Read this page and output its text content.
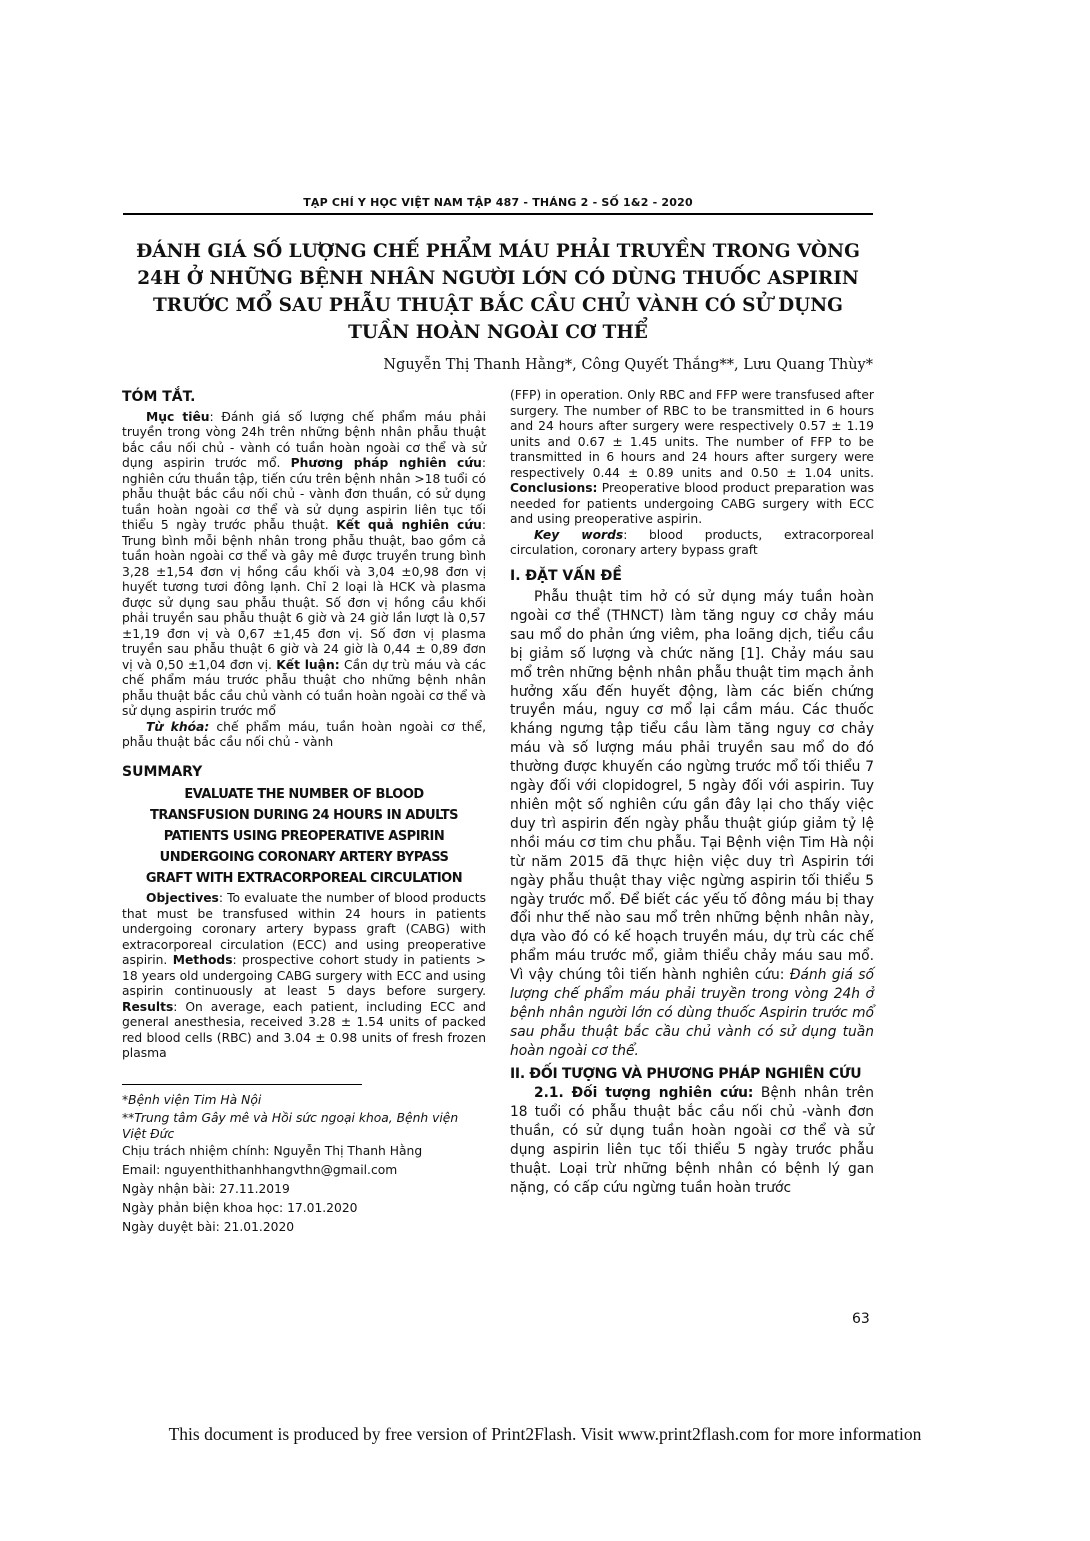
TẠP CHÍ Y HỌC VIỆT NAM TẬP 487 - THÁNG 2 - SỐ 1&2 - 2020
ĐÁNH GIÁ SỐ LƯỢNG CHẾ PHẨM MÁU PHẢI TRUYỀN TRONG VÒNG
24H Ở NHỮNG BỆNH NHÂN NGƯỜI LỚN CÓ DÙNG THUỐC ASPIRIN
TRƯỚC MỔ SAU PHẪU THUẬT BẮC CẦU CHỦ VÀNH CÓ SỬ DỤNG
TUẦN HOÀN NGOÀI CƠ THỂ
Nguyễn Thị Thanh Hằng*, Công Quyết Thắng**, Lưu Quang Thùy*
TÓM TẮT.

Mục tiêu: Đánh giá số lượng chế phẩm máu phải truyền trong vòng 24h trên những bệnh nhân phẫu thuật bắc cầu nối chủ - vành có tuần hoàn ngoài cơ thể và sử dụng aspirin trước mổ. Phương pháp nghiên cứu: nghiên cứu thuần tập, tiến cứu trên bệnh nhân >18 tuổi có phẫu thuật bắc cầu nối chủ - vành đơn thuần, có sử dụng tuần hoàn ngoài cơ thể và sử dụng aspirin liên tục tối thiểu 5 ngày trước phẫu thuật. Kết quả nghiên cứu: Trung bình mỗi bệnh nhân trong phẫu thuật, bao gồm cả tuần hoàn ngoài cơ thể và gây mê được truyền trung bình 3,28 ±1,54 đơn vị hồng cầu khối và 3,04 ±0,98 đơn vị huyết tương tươi đông lạnh. Chỉ 2 loại là HCK và plasma được sử dụng sau phẫu thuật. Số đơn vị hồng cầu khối phải truyền sau phẫu thuật 6 giờ và 24 giờ lần lượt là 0,57 ±1,19 đơn vị và 0,67 ±1,45 đơn vị. Số đơn vị plasma truyền sau phẫu thuật 6 giờ và 24 giờ là 0,44 ± 0,89 đơn vị và 0,50 ±1,04 đơn vị. Kết luận: Cần dự trù máu và các chế phẩm máu trước phẫu thuật cho những bệnh nhân phẫu thuật bắc cầu chủ vành có tuần hoàn ngoài cơ thể và sử dụng aspirin trước mổ

Từ khóa: chế phẩm máu, tuần hoàn ngoài cơ thể, phẫu thuật bắc cầu nối chủ - vành

SUMMARY
EVALUATE THE NUMBER OF BLOOD
TRANSFUSION DURING 24 HOURS IN ADULTS
PATIENTS USING PREOPERATIVE ASPIRIN
UNDERGOING CORONARY ARTERY BYPASS
GRAFT WITH EXTRACORPOREAL CIRCULATION

Objectives: To evaluate the number of blood products that must be transfused within 24 hours in patients undergoing coronary artery bypass graft (CABG) with extracorporeal circulation (ECC) and using preoperative aspirin. Methods: prospective cohort study in patients > 18 years old undergoing CABG surgery with ECC and using aspirin continuously at least 5 days before surgery. Results: On average, each patient, including ECC and general anesthesia, received 3.28 ± 1.54 units of packed red blood cells (RBC) and 3.04 ± 0.98 units of fresh frozen plasma

*Bệnh viện Tim Hà Nội

**Trung tâm Gây mê và Hồi sức ngoại khoa, Bệnh viện Việt Đức

Chịu trách nhiệm chính: Nguyễn Thị Thanh Hằng

Email: nguyenthithanhhangvthn@gmail.com

Ngày nhận bài: 27.11.2019

Ngày phản biện khoa học: 17.01.2020

Ngày duyệt bài: 21.01.2020

(FFP) in operation. Only RBC and FFP were transfused after surgery. The number of RBC to be transmitted in 6 hours and 24 hours after surgery were respectively 0.57 ± 1.19 units and 0.67 ± 1.45 units. The number of FFP to be transmitted in 6 hours and 24 hours after surgery were respectively 0.44 ± 0.89 units and 0.50 ± 1.04 units. Conclusions: Preoperative blood product preparation was needed for patients undergoing CABG surgery with ECC and using preoperative aspirin.

Key words: blood products, extracorporeal circulation, coronary artery bypass graft

I. ĐẶT VẤN ĐỀ

Phẫu thuật tim hở có sử dụng máy tuần hoàn ngoài cơ thể (THNCT) làm tăng nguy cơ chảy máu sau mổ do phản ứng viêm, pha loãng dịch, tiểu cầu bị giảm số lượng và chức năng [1]. Chảy máu sau mổ trên những bệnh nhân phẫu thuật tim mạch ảnh hưởng xấu đến huyết động, làm các biến chứng truyền máu, nguy cơ mổ lại cầm máu. Các thuốc kháng ngưng tập tiểu cầu làm tăng nguy cơ chảy máu và số lượng máu phải truyền sau mổ do đó thường được khuyến cáo ngừng trước mổ tối thiểu 7 ngày đối với clopidogrel, 5 ngày đối với aspirin. Tuy nhiên một số nghiên cứu gần đây lại cho thấy việc duy trì aspirin đến ngày phẫu thuật giúp giảm tỷ lệ nhồi máu cơ tim chu phẫu. Tại Bệnh viện Tim Hà nội từ năm 2015 đã thực hiện việc duy trì Aspirin tới ngày phẫu thuật thay việc ngừng aspirin tối thiểu 5 ngày trước mổ. Để biết các yếu tố đông máu bị thay đổi như thế nào sau mổ trên những bệnh nhân này, dựa vào đó có kế hoạch truyền máu, dự trù các chế phẩm máu trước mổ, giảm thiểu chảy máu sau mổ. Vì vậy chúng tôi tiến hành nghiên cứu: Đánh giá số lượng chế phẩm máu phải truyền trong vòng 24h ở bệnh nhân người lớn có dùng thuốc Aspirin trước mổ sau phẫu thuật bắc cầu chủ vành có sử dụng tuần hoàn ngoài cơ thể.

II. ĐỐI TƯỢNG VÀ PHƯƠNG PHÁP NGHIÊN CỨU

2.1. Đối tượng nghiên cứu: Bệnh nhân trên 18 tuổi có phẫu thuật bắc cầu nối chủ -vành đơn thuần, có sử dụng tuần hoàn ngoài cơ thể và sử dụng aspirin liên tục tối thiểu 5 ngày trước phẫu thuật. Loại trừ những bệnh nhân có bệnh lý gan nặng, có cấp cứu ngừng tuần hoàn trước

63
This document is produced by free version of Print2Flash. Visit www.print2flash.com for more information
